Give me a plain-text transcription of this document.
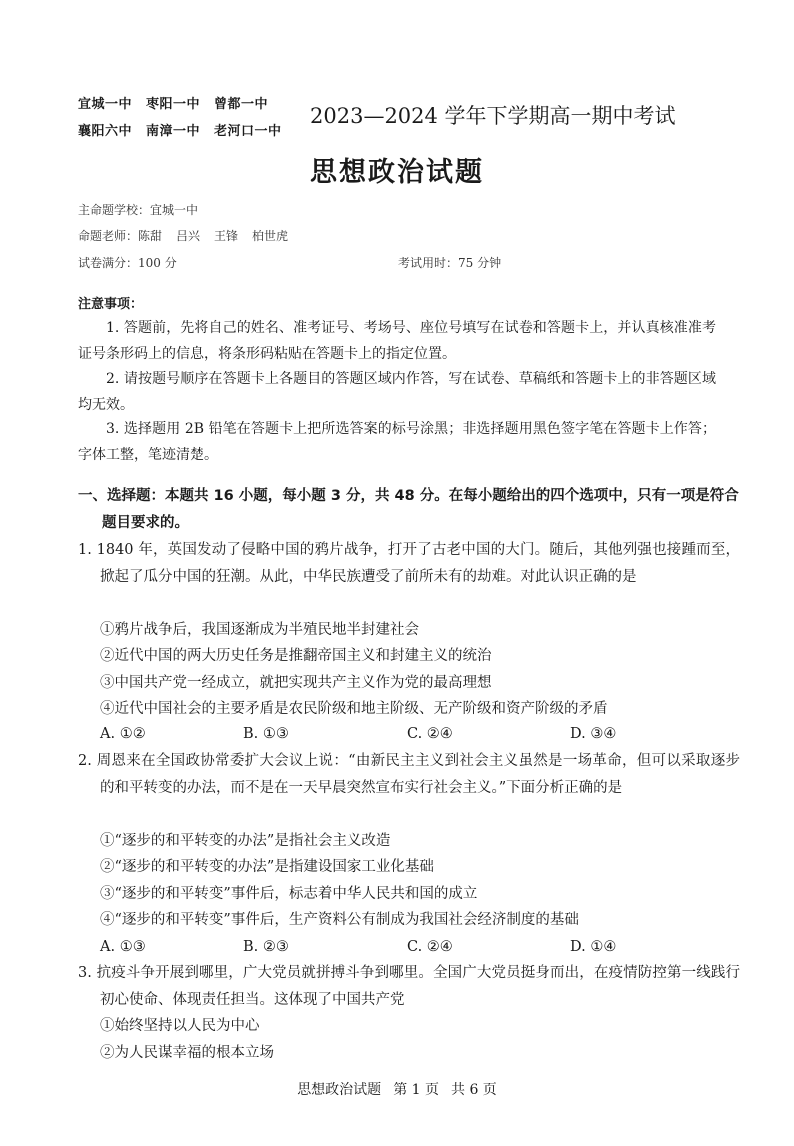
宜城一中 枣阳一中 曾都一中
襄阳六中 南漳一中 老河口一中
2023—2024 学年下学期高一期中考试
思想政治试题
主命题学校：宜城一中
命题老师：陈甜 吕兴 王锋 柏世虎
试卷满分：100 分	考试用时：75 分钟
注意事项：
1. 答题前，先将自己的姓名、准考证号、考场号、座位号填写在试卷和答题卡上，并认真核准准考证号条形码上的信息，将条形码粘贴在答题卡上的指定位置。
2. 请按题号顺序在答题卡上各题目的答题区域内作答，写在试卷、草稿纸和答题卡上的非答题区域均无效。
3. 选择题用 2B 铅笔在答题卡上把所选答案的标号涂黑；非选择题用黑色签字笔在答题卡上作答；字体工整，笔迹清楚。
一、选择题：本题共 16 小题，每小题 3 分，共 48 分。在每小题给出的四个选项中，只有一项是符合题目要求的。
1. 1840 年，英国发动了侵略中国的鸦片战争，打开了古老中国的大门。随后，其他列强也接踵而至，掀起了瓜分中国的狂潮。从此，中华民族遭受了前所未有的劫难。对此认识正确的是
①鸦片战争后，我国逐渐成为半殖民地半封建社会
②近代中国的两大历史任务是推翻帝国主义和封建主义的统治
③中国共产党一经成立，就把实现共产主义作为党的最高理想
④近代中国社会的主要矛盾是农民阶级和地主阶级、无产阶级和资产阶级的矛盾
A. ①②	B. ①③	C. ②④	D. ③④
2. 周恩来在全国政协常委扩大会议上说：“由新民主主义到社会主义虽然是一场革命，但可以采取逐步的和平转变的办法，而不是在一天早晨突然宣布实行社会主义。”下面分析正确的是
①“逐步的和平转变的办法”是指社会主义改造
②“逐步的和平转变的办法”是指建设国家工业化基础
③“逐步的和平转变”事件后，标志着中华人民共和国的成立
④“逐步的和平转变”事件后，生产资料公有制成为我国社会经济制度的基础
A. ①③	B. ②③	C. ②④	D. ①④
3. 抗疫斗争开展到哪里，广大党员就拼搏斗争到哪里。全国广大党员挺身而出，在疫情防控第一线践行初心使命、体现责任担当。这体现了中国共产党
①始终坚持以人民为中心
②为人民谋幸福的根本立场
思想政治试题 第 1 页 共 6 页
